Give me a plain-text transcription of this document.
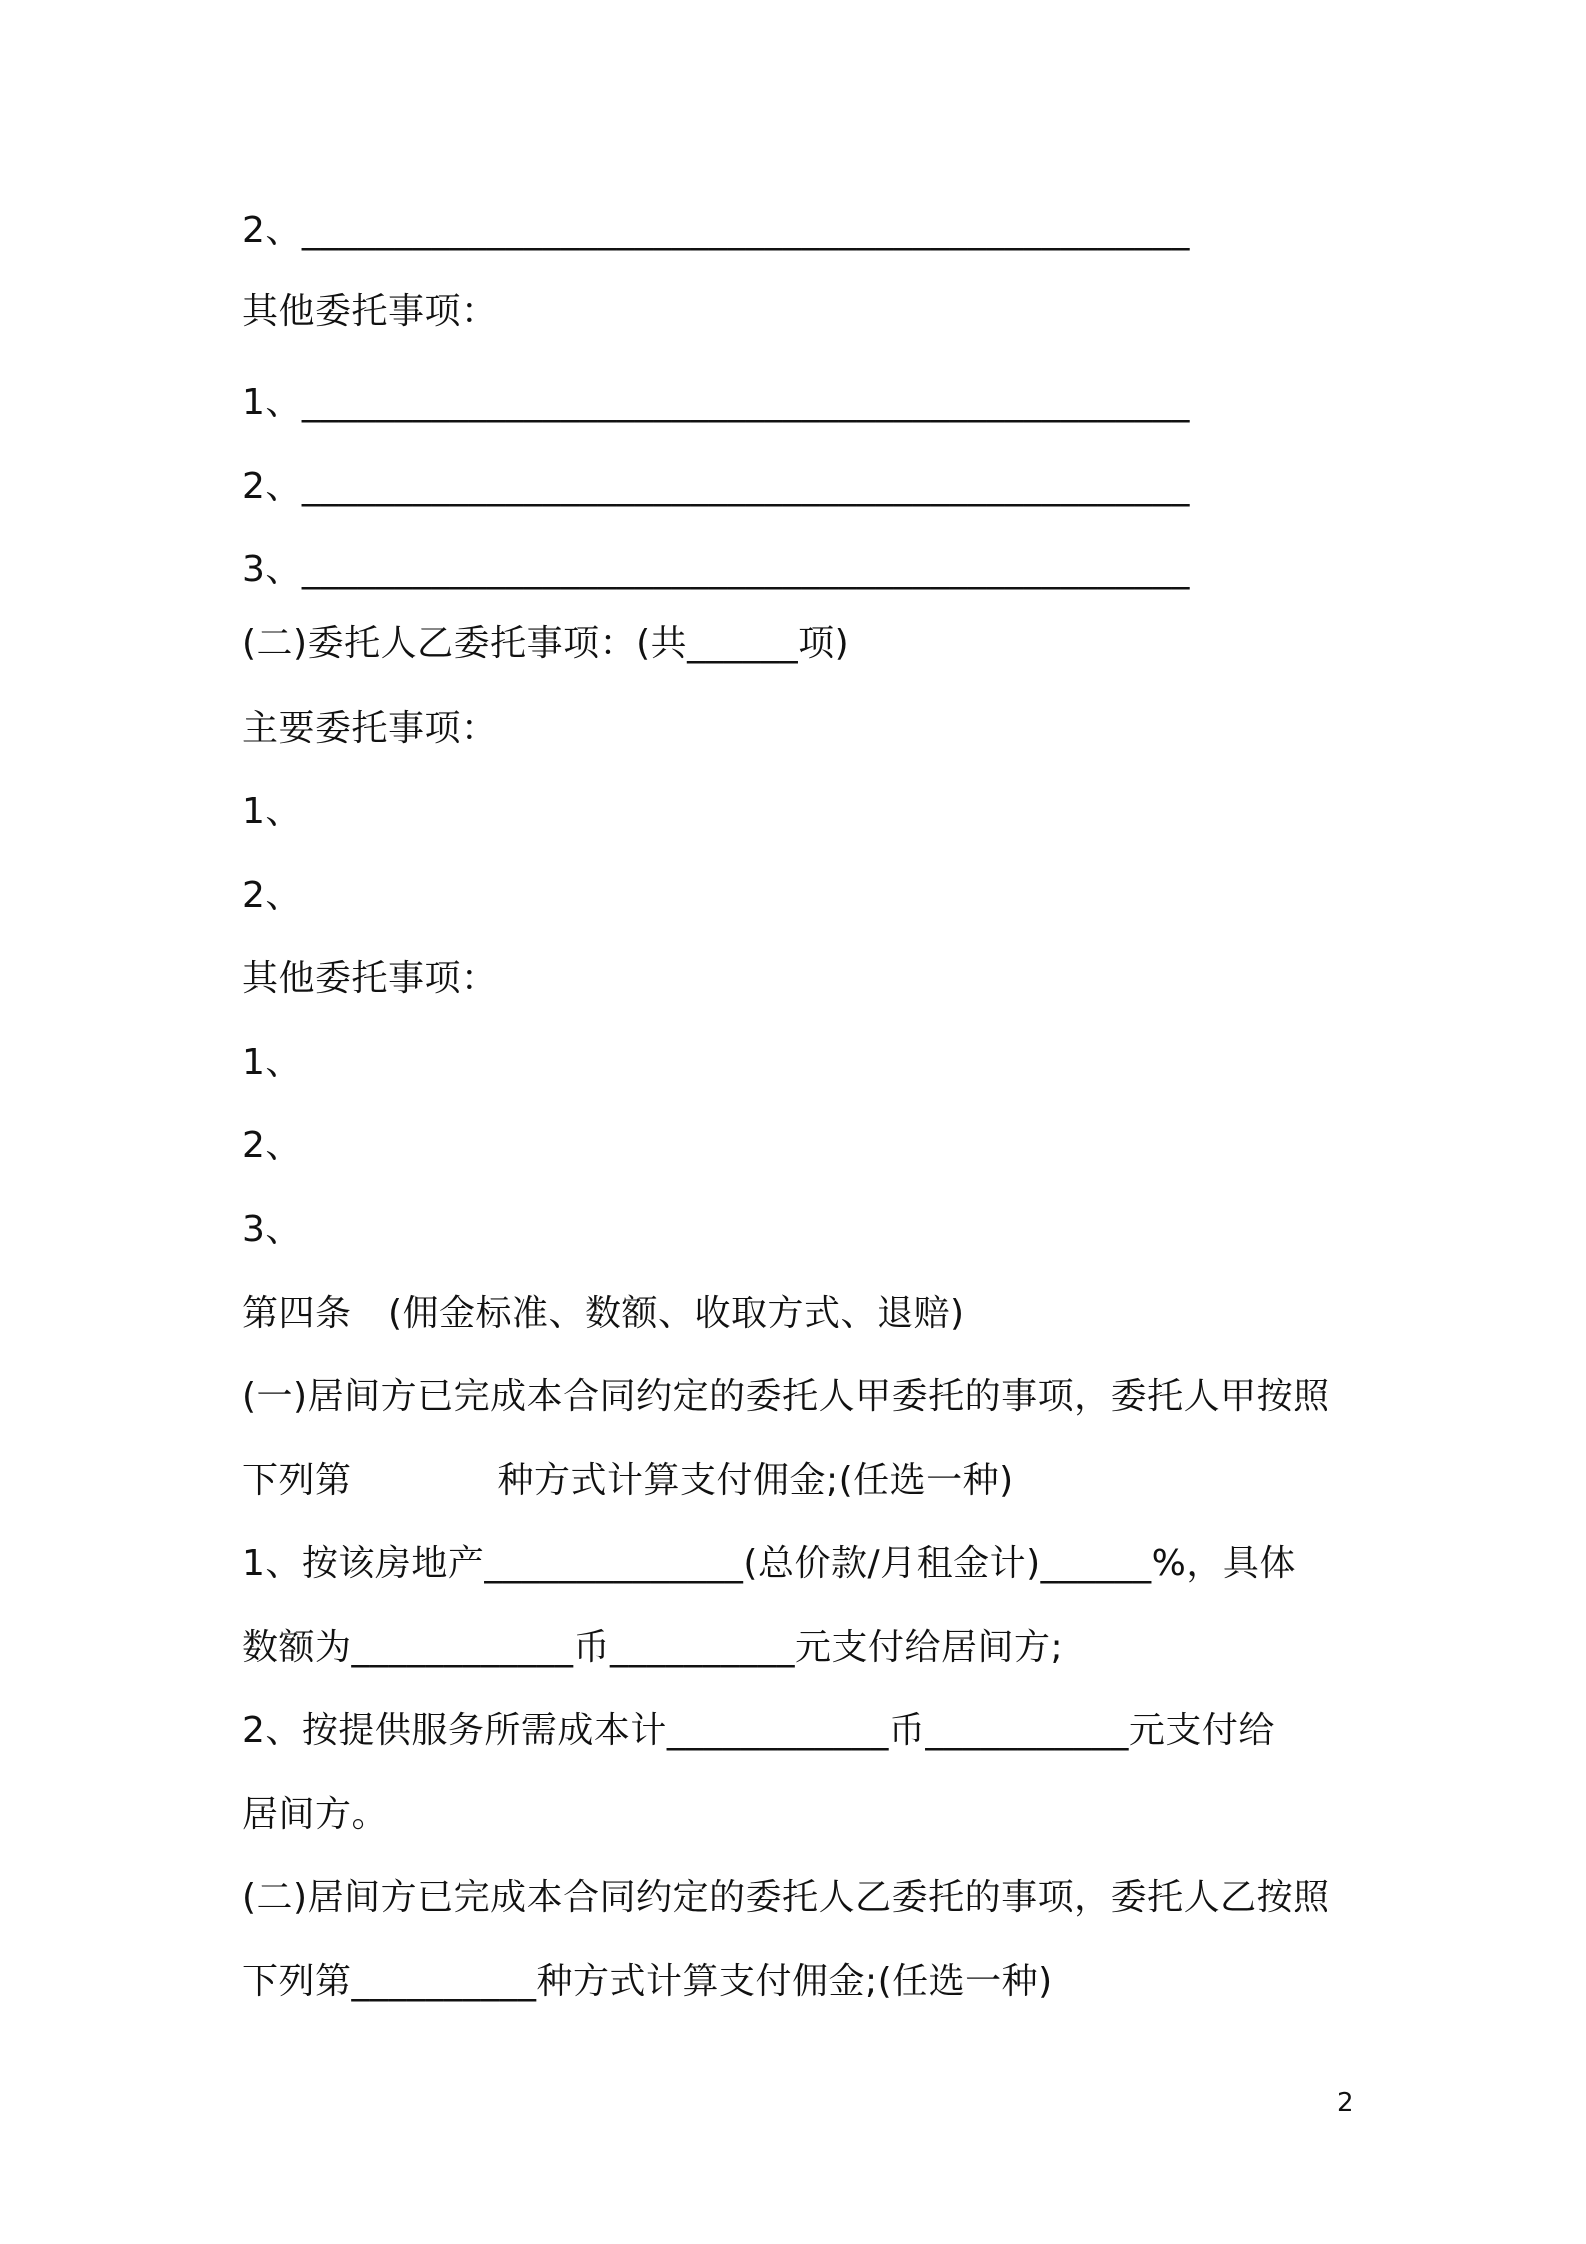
2、________________________________________________
其他委托事项：
1、________________________________________________
2、________________________________________________
3、________________________________________________
(二)委托人乙委托事项：(共______项)
主要委托事项：
1、
2、
其他委托事项：
1、
2、
3、
第四条　(佣金标准、数额、收取方式、退赔)
(一)居间方已完成本合同约定的委托人甲委托的事项，委托人甲按照
下列第　　　　种方式计算支付佣金;(任选一种)
1、按该房地产______________(总价款/月租金计)______%，具体
数额为____________币__________元支付给居间方;
2、按提供服务所需成本计____________币___________元支付给
居间方。
(二)居间方已完成本合同约定的委托人乙委托的事项，委托人乙按照
下列第__________种方式计算支付佣金;(任选一种)
2
